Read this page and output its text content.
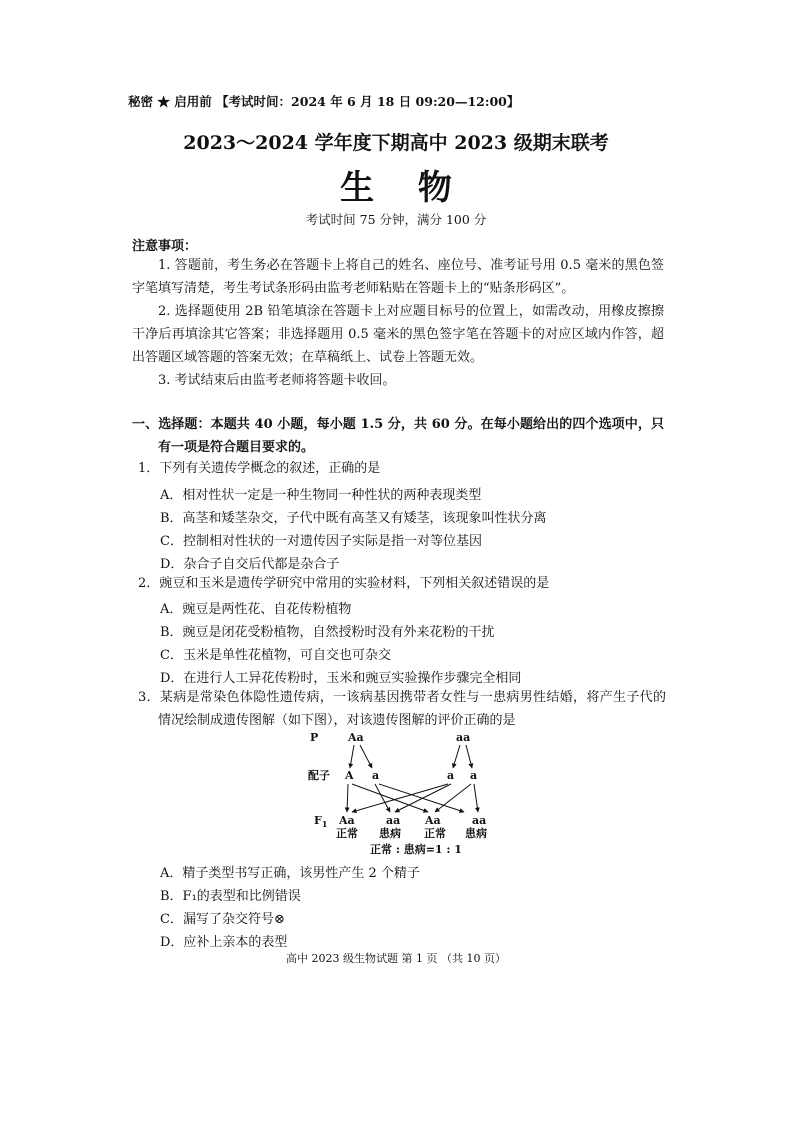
秘密 ★ 启用前 【考试时间：2024 年 6 月 18 日 09:20—12:00】
2023～2024 学年度下期高中 2023 级期末联考
生 物
考试时间 75 分钟，满分 100 分
注意事项：
1. 答题前，考生务必在答题卡上将自己的姓名、座位号、准考证号用 0.5 毫米的黑色签字笔填写清楚，考生考试条形码由监考老师粘贴在答题卡上的“贴条形码区”。
2. 选择题使用 2B 铅笔填涂在答题卡上对应题目标号的位置上，如需改动，用橡皮擦擦干净后再填涂其它答案；非选择题用 0.5 毫米的黑色签字笔在答题卡的对应区域内作答，超出答题区域答题的答案无效；在草稿纸上、试卷上答题无效。
3. 考试结束后由监考老师将答题卡收回。
一、选择题：本题共 40 小题，每小题 1.5 分，共 60 分。在每小题给出的四个选项中，只有一项是符合题目要求的。
1．下列有关遗传学概念的叙述，正确的是
A．相对性状一定是一种生物同一种性状的两种表现类型
B．高茎和矮茎杂交，子代中既有高茎又有矮茎，该现象叫性状分离
C．控制相对性状的一对遗传因子实际是指一对等位基因
D．杂合子自交后代都是杂合子
2．豌豆和玉米是遗传学研究中常用的实验材料，下列相关叙述错误的是
A．豌豆是两性花、自花传粉植物
B．豌豆是闭花受粉植物，自然授粉时没有外来花粉的干扰
C．玉米是单性花植物，可自交也可杂交
D．在进行人工异花传粉时，玉米和豌豆实验操作步骤完全相同
3．某病是常染色体隐性遗传病，一该病基因携带者女性与一患病男性结婚，将产生子代的情况绘制成遗传图解（如下图），对该遗传图解的评价正确的是
P	Aa	aa
配子 A a	a a
$F_1$ Aa	aa Aa	aa
正常 患病 正常 患病
正常 : 患病=1 : 1
A．精子类型书写正确，该男性产生 2 个精子
B．F₁的表型和比例错误
C．漏写了杂交符号⊗
D．应补上亲本的表型
高中 2023 级生物试题 第 1 页 （共 10 页）
